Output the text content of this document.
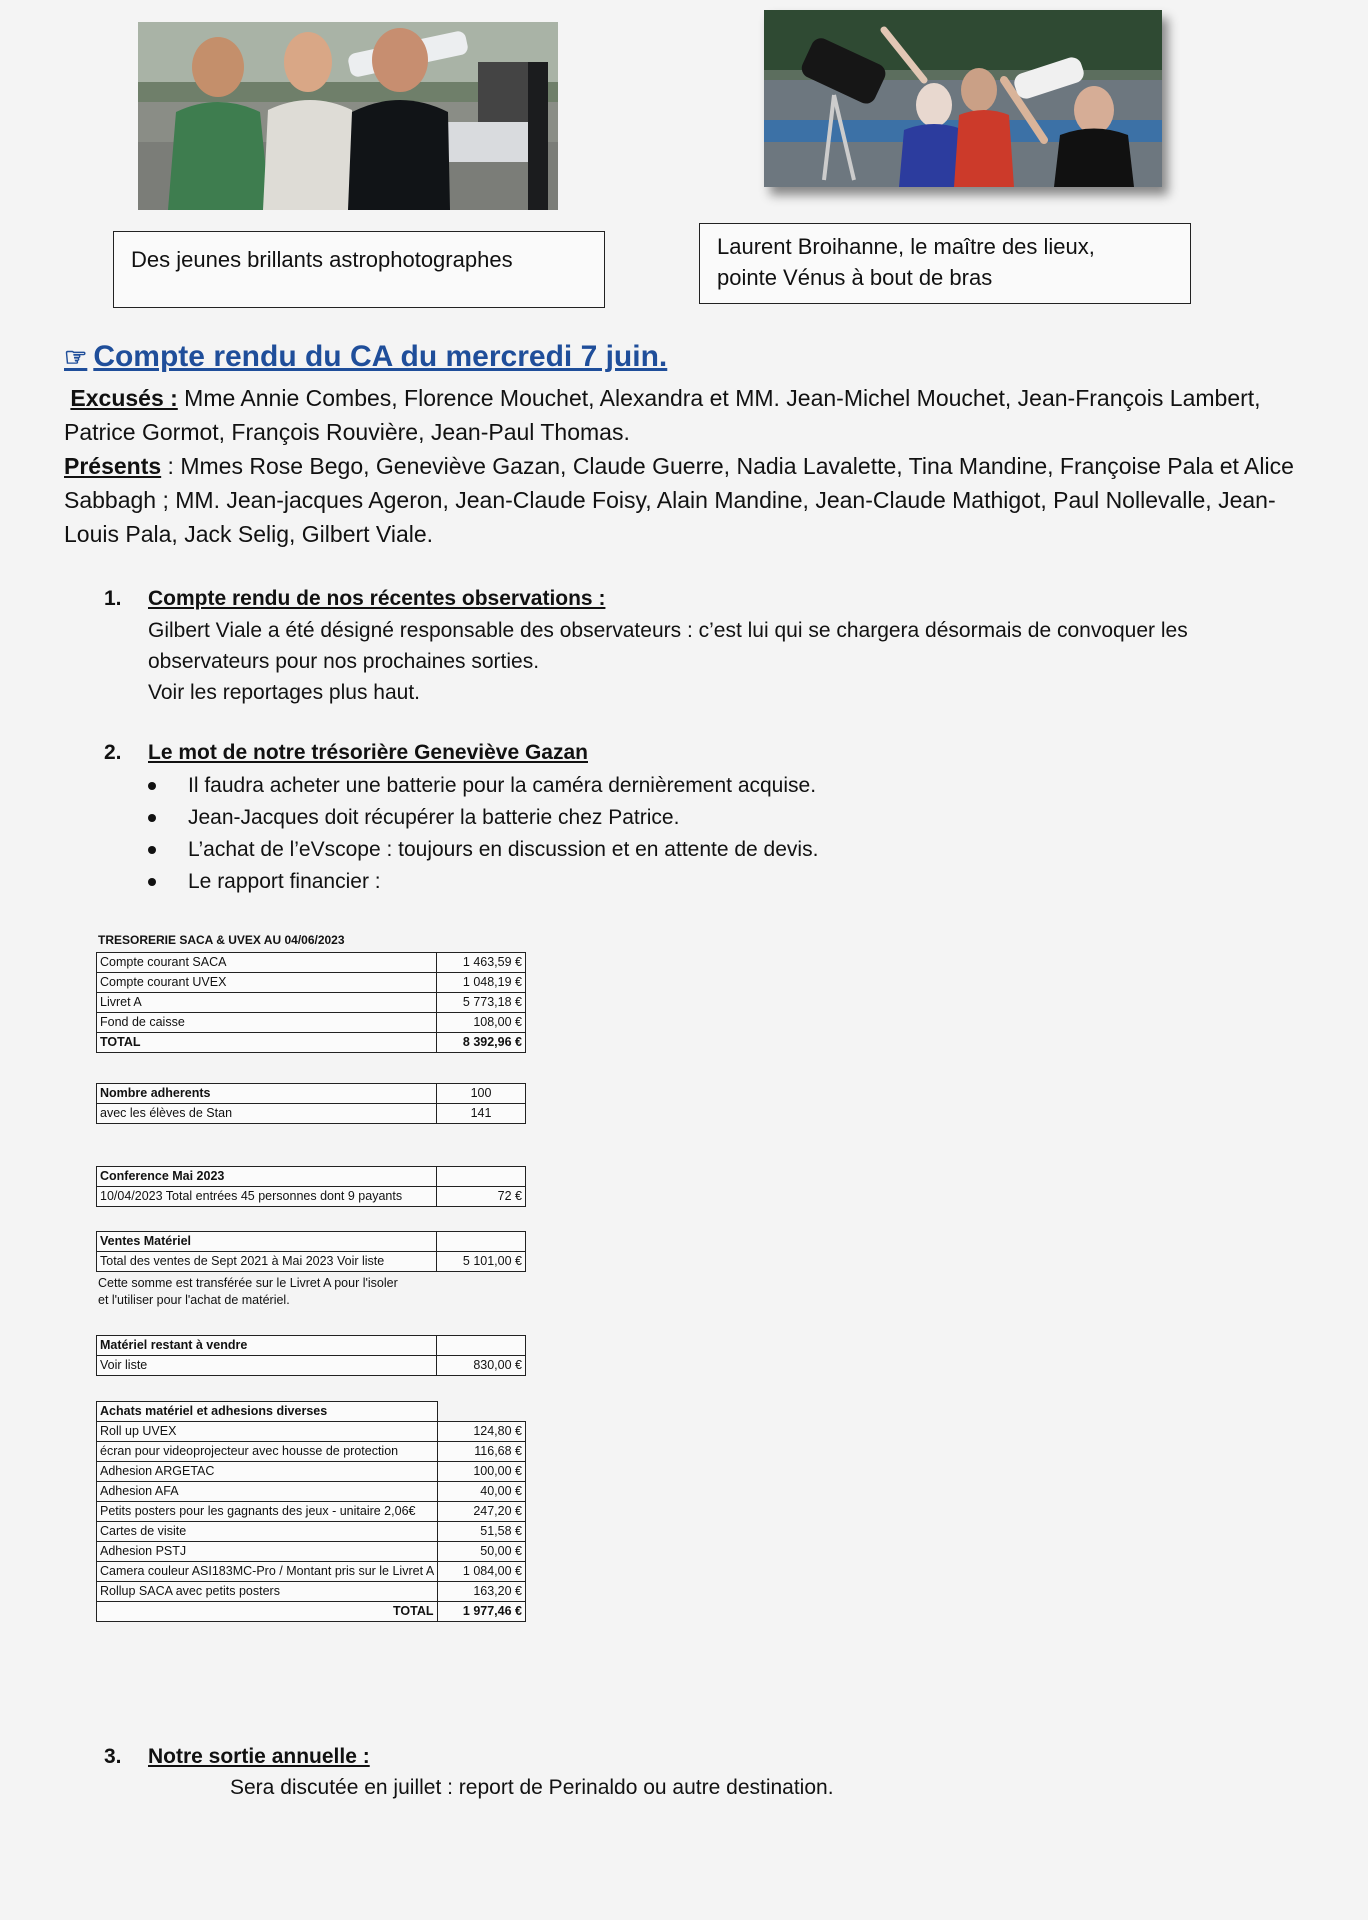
Des jeunes brillants astrophotographes
Laurent Broihanne, le maître des lieux,
pointe Vénus à bout de bras
☞ Compte rendu du CA du mercredi 7 juin.
Excusés : Mme Annie Combes, Florence Mouchet, Alexandra et MM. Jean-Michel Mouchet, Jean-François Lambert, Patrice Gormot, François Rouvière, Jean-Paul Thomas.
Présents : Mmes Rose Bego, Geneviève Gazan, Claude Guerre, Nadia Lavalette, Tina Mandine, Françoise Pala et Alice Sabbagh ; MM. Jean-jacques Ageron, Jean-Claude Foisy, Alain Mandine, Jean-Claude Mathigot, Paul Nollevalle, Jean-Louis Pala, Jack Selig, Gilbert Viale.
1. Compte rendu de nos récentes observations :
Gilbert Viale a été désigné responsable des observateurs : c’est lui qui se chargera désormais de convoquer les observateurs pour nos prochaines sorties.
Voir les reportages plus haut.
2. Le mot de notre trésorière Geneviève Gazan
Il faudra acheter une batterie pour la caméra dernièrement acquise.
Jean-Jacques doit récupérer la batterie chez Patrice.
L’achat de l’eVscope : toujours en discussion et en attente de devis.
Le rapport financier :
TRESORERIE SACA & UVEX AU 04/06/2023
Compte courant SACA	1 463,59 €
Compte courant UVEX	1 048,19 €
Livret A	5 773,18 €
Fond de caisse	108,00 €
TOTAL	8 392,96 €
Nombre adherents	100
avec les élèves de Stan	141
Conference Mai 2023	
10/04/2023 Total entrées 45 personnes dont 9 payants	72 €
Ventes Matériel	
Total des ventes de Sept 2021 à Mai 2023 Voir liste	5 101,00 €
Cette somme est transférée sur le Livret A pour l'isoler
et l'utiliser pour l'achat de matériel.
Matériel restant à vendre	
Voir liste	830,00 €
Achats matériel et adhesions diverses	
Roll up UVEX	124,80 €
écran pour videoprojecteur avec housse de protection	116,68 €
Adhesion ARGETAC	100,00 €
Adhesion AFA	40,00 €
Petits posters pour les gagnants des jeux - unitaire 2,06€	247,20 €
Cartes de visite	51,58 €
Adhesion PSTJ	50,00 €
Camera couleur ASI183MC-Pro / Montant pris sur le Livret A	1 084,00 €
Rollup SACA avec petits posters	163,20 €
TOTAL	1 977,46 €
3. Notre sortie annuelle :
Sera discutée en juillet : report de Perinaldo ou autre destination.
